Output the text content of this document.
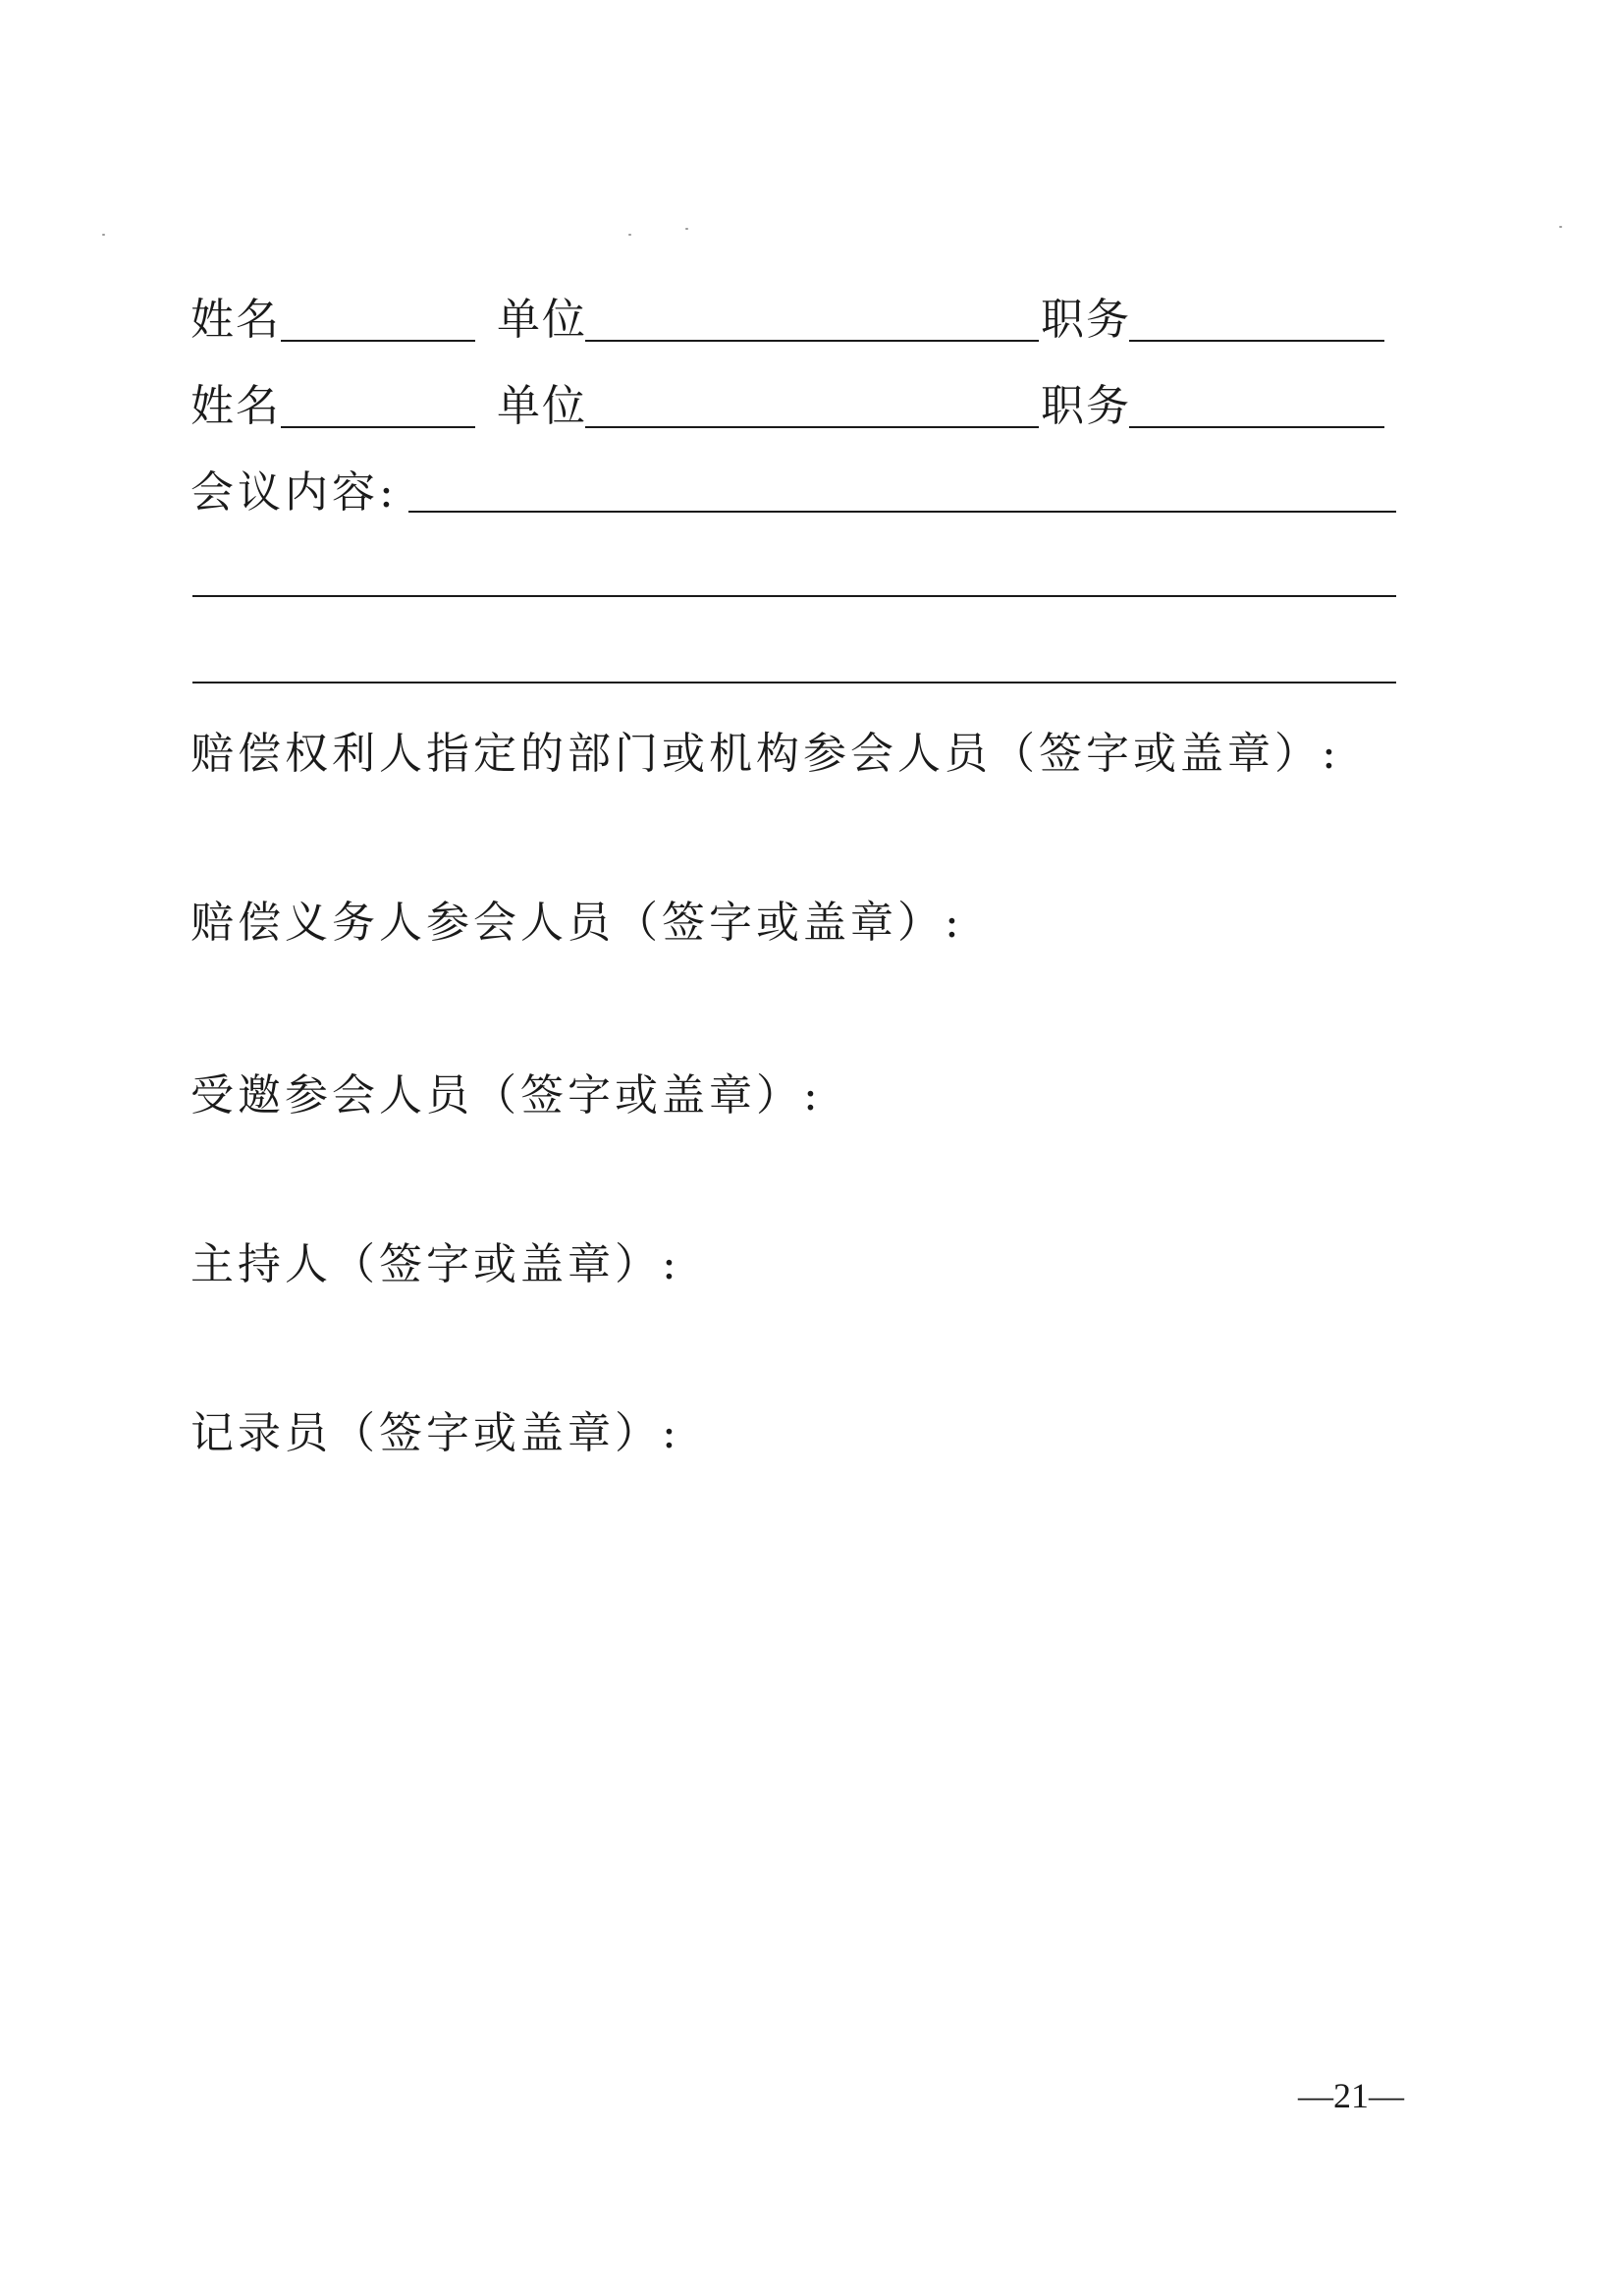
姓名	单位	职务
姓名	单位	职务
会议内容:
赔偿权利人指定的部门或机构参会人员（签字或盖章）:
赔偿义务人参会人员（签字或盖章）:
受邀参会人员（签字或盖章）:
主持人（签字或盖章）:
记录员（签字或盖章）:
—21—
